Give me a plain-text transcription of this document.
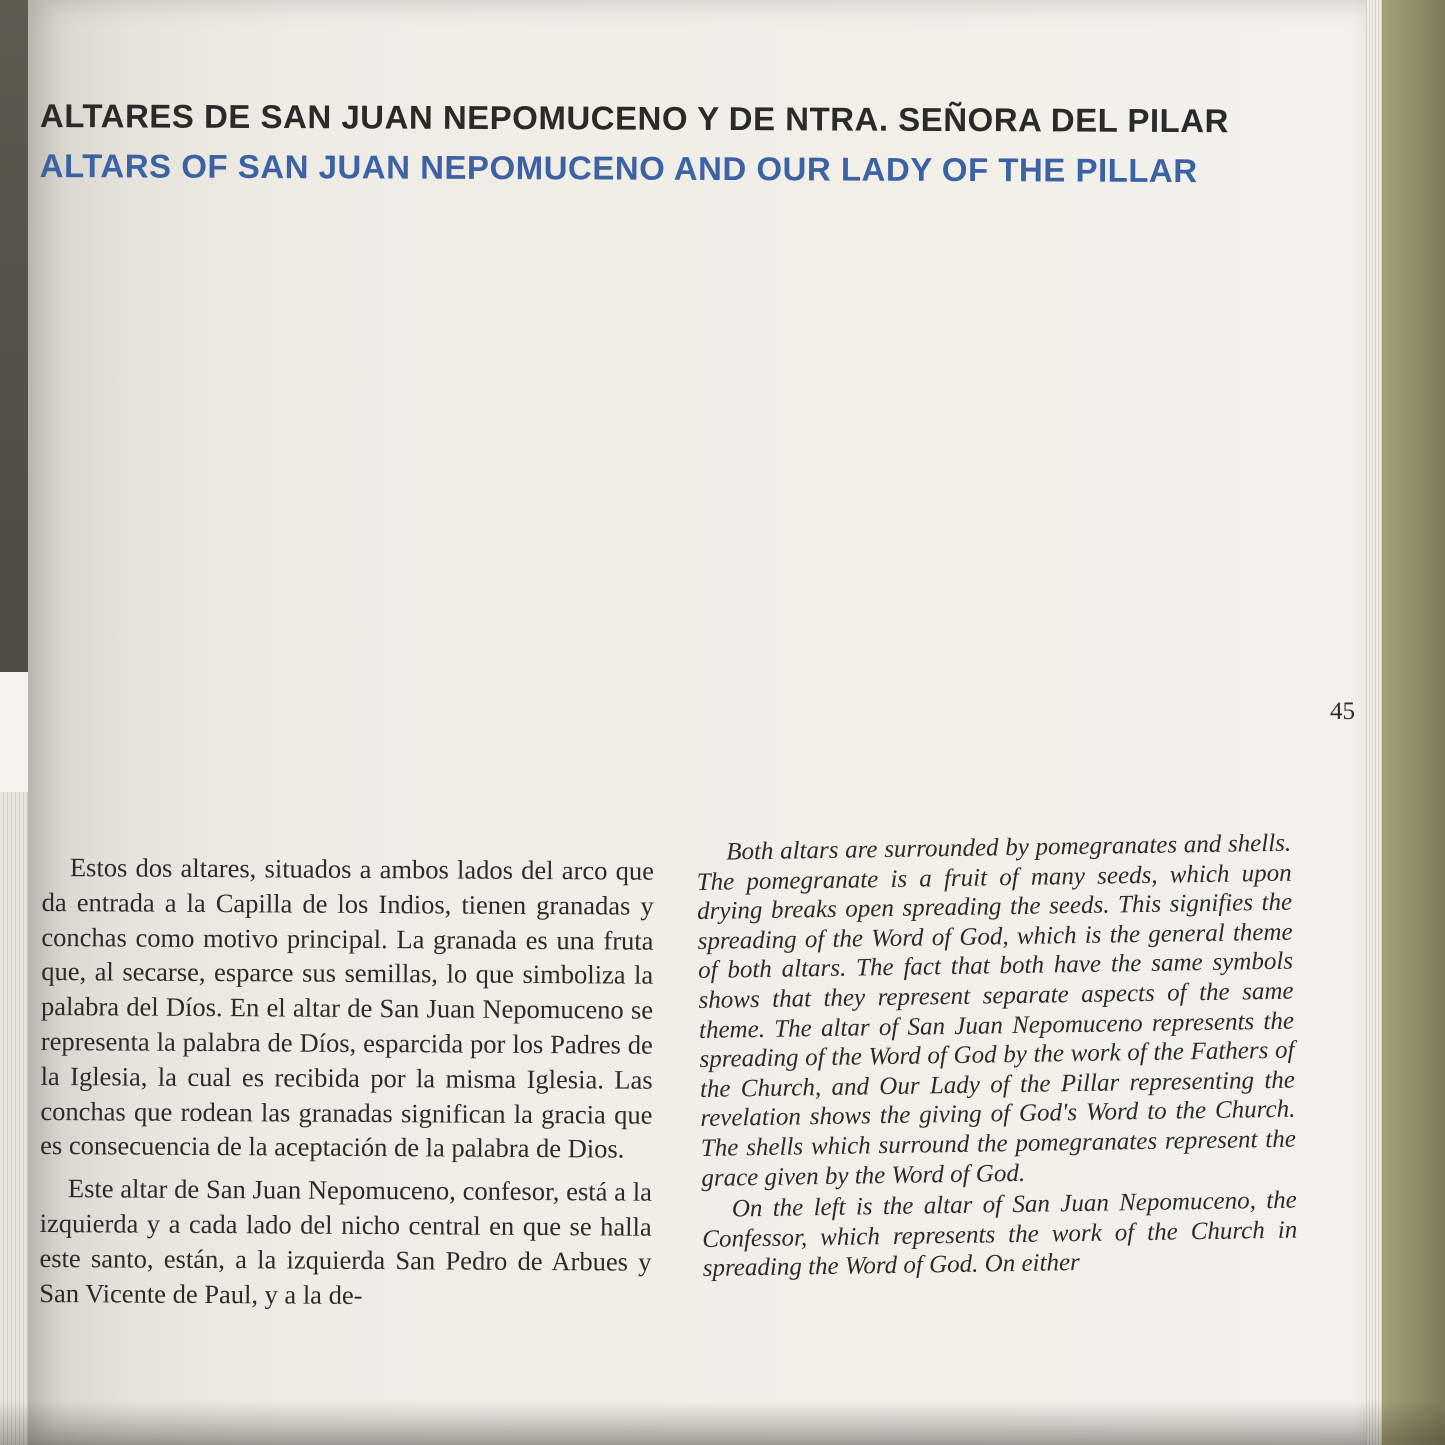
ALTARES DE SAN JUAN NEPOMUCENO Y DE NTRA. SEÑORA DEL PILAR
ALTARS OF SAN JUAN NEPOMUCENO AND OUR LADY OF THE PILLAR
45

Estos dos altares, situados a ambos lados del arco que da entrada a la Capilla de los Indios, tienen granadas y conchas como motivo principal. La granada es una fruta que, al secarse, esparce sus semillas, lo que simboliza la palabra del Díos. En el altar de San Juan Nepomuceno se representa la palabra de Díos, esparcida por los Padres de la Iglesia, la cual es recibida por la misma Iglesia. Las conchas que rodean las granadas significan la gracia que es consecuencia de la aceptación de la palabra de Dios.

Este altar de San Juan Nepomuceno, confesor, está a la izquierda y a cada lado del nicho central en que se halla este santo, están, a la izquierda San Pedro de Arbues y San Vicente de Paul, y a la de-

Both altars are surrounded by pomegranates and shells. The pomegranate is a fruit of many seeds, which upon drying breaks open spreading the seeds. This signifies the spreading of the Word of God, which is the general theme of both altars. The fact that both have the same symbols shows that they represent separate aspects of the same theme. The altar of San Juan Nepomuceno represents the spreading of the Word of God by the work of the Fathers of the Church, and Our Lady of the Pillar representing the revelation shows the giving of God's Word to the Church. The shells which surround the pomegranates represent the grace given by the Word of God.

On the left is the altar of San Juan Nepomuceno, the Confessor, which represents the work of the Church in spreading the Word of God. On either
